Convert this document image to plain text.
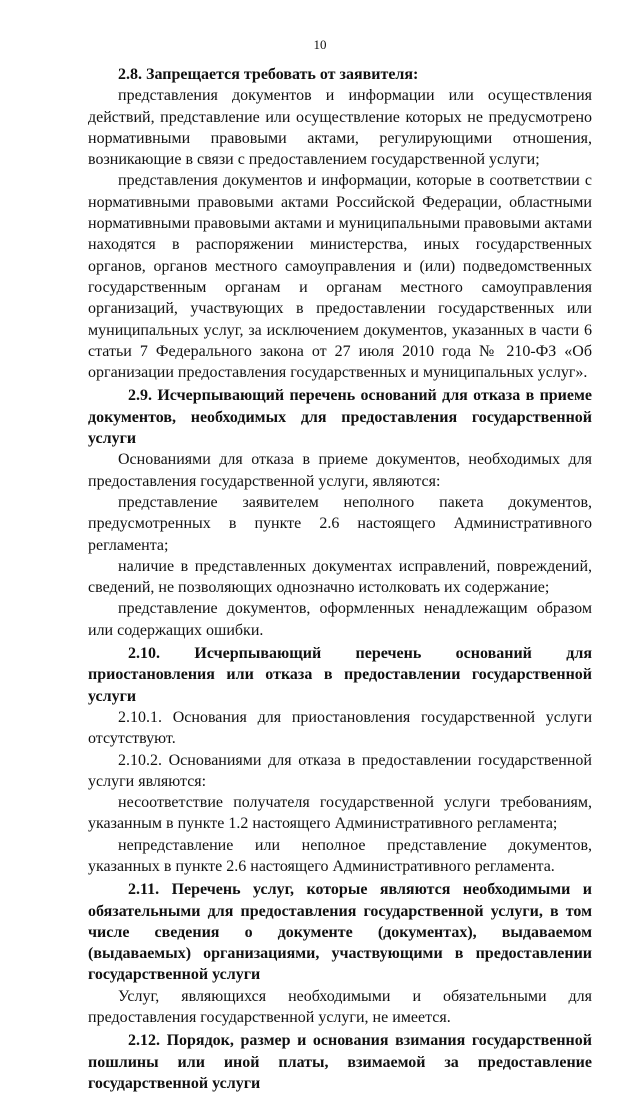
10

2.8. Запрещается требовать от заявителя:

представления документов и информации или осуществления действий, представление или осуществление которых не предусмотрено нормативными правовыми актами, регулирующими отношения, возникающие в связи с предоставлением государственной услуги;

представления документов и информации, которые в соответствии с нормативными правовыми актами Российской Федерации, областными нормативными правовыми актами и муниципальными правовыми актами находятся в распоряжении министерства, иных государственных органов, органов местного самоуправления и (или) подведомственных государственным органам и органам местного самоуправления организаций, участвующих в предоставлении государственных или муниципальных услуг, за исключением документов, указанных в части 6 статьи 7 Федерального закона от 27 июля 2010 года № 210-ФЗ «Об организации предоставления государственных и муниципальных услуг».

2.9. Исчерпывающий перечень оснований для отказа в приеме документов, необходимых для предоставления государственной услуги

Основаниями для отказа в приеме документов, необходимых для предоставления государственной услуги, являются:

представление заявителем неполного пакета документов, предусмотренных в пункте 2.6 настоящего Административного регламента;

наличие в представленных документах исправлений, повреждений, сведений, не позволяющих однозначно истолковать их содержание;

представление документов, оформленных ненадлежащим образом или содержащих ошибки.

2.10. Исчерпывающий перечень оснований для приостановления или отказа в предоставлении государственной услуги

2.10.1. Основания для приостановления государственной услуги отсутствуют.

2.10.2. Основаниями для отказа в предоставлении государственной услуги являются:

несоответствие получателя государственной услуги требованиям, указанным в пункте 1.2 настоящего Административного регламента;

непредставление или неполное представление документов, указанных в пункте 2.6 настоящего Административного регламента.

2.11. Перечень услуг, которые являются необходимыми и обязательными для предоставления государственной услуги, в том числе сведения о документе (документах), выдаваемом (выдаваемых) организациями, участвующими в предоставлении государственной услуги

Услуг, являющихся необходимыми и обязательными для предоставления государственной услуги, не имеется.

2.12. Порядок, размер и основания взимания государственной пошлины или иной платы, взимаемой за предоставление государственной услуги
